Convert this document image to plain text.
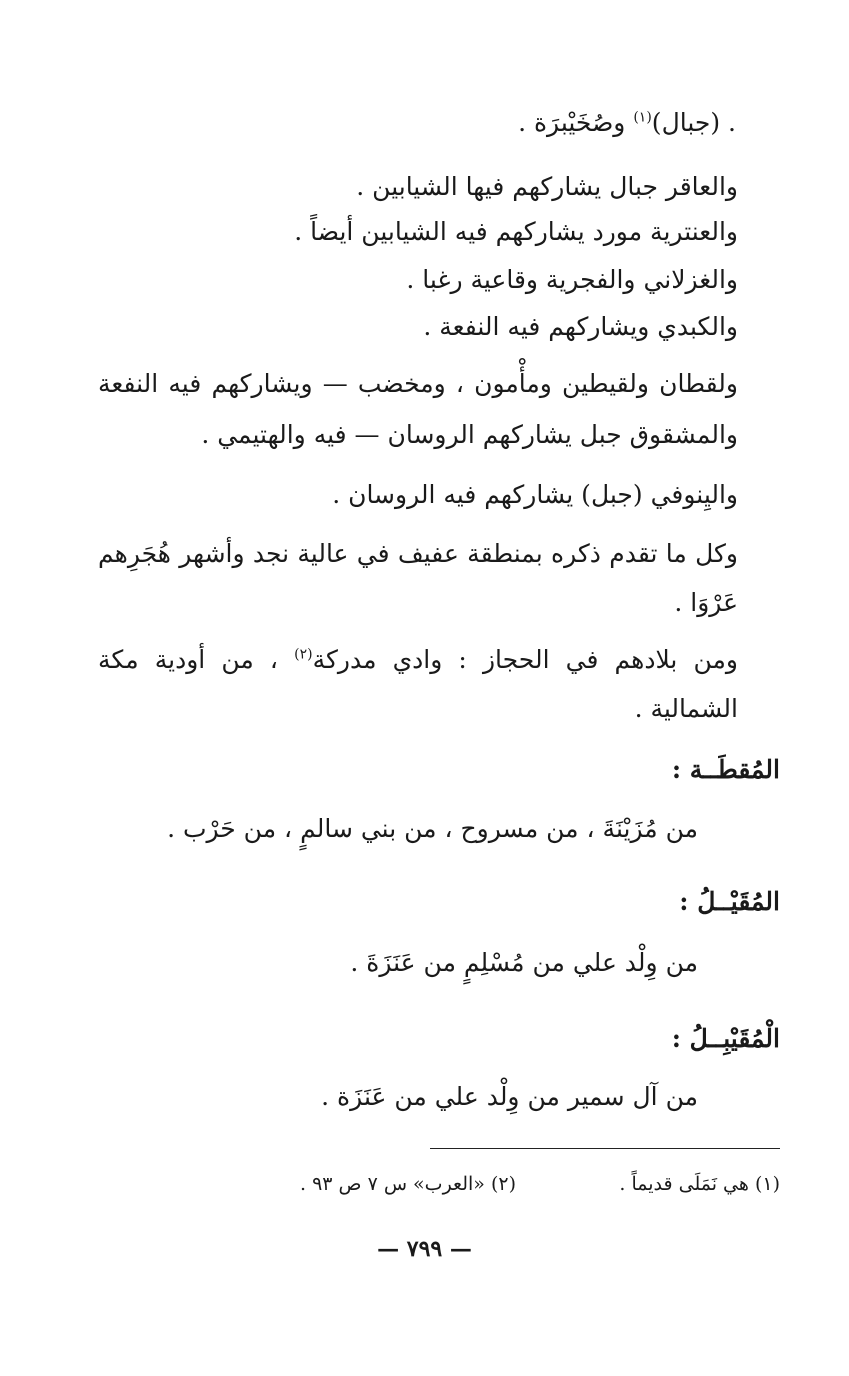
. (جبال)$^{(١)}$ وصُخَيْبرَة .

والعاقر جبال يشاركهم فيها الشيابين .

والعنترية مورد يشاركهم فيه الشيابين أيضاً .

والغزلاني والفجرية وقاعية رغبا .

والكبدي ويشاركهم فيه النفعة .

ولقطان ولقيطين ومأْمون ، ومخضب — ويشاركهم فيه النفعة

والمشقوق جبل يشاركهم الروسان — فيه والهتيمي .

واليِنوفي (جبل) يشاركهم فيه الروسان .

وكل ما تقدم ذكره بمنطقة عفيف في عالية نجد وأشهر هُجَرِهم

عَرْوَا .

ومن بلادهم في الحجاز : وادي مدركة$^{(٢)}$ ، من أودية مكة

الشمالية .

المُقطَــة :

من مُزَيْنَةَ ، من مسروح ، من بني سالمٍ ، من حَرْب .

المُقَيْــلُ :

من وِلْد علي من مُسْلِمٍ من عَنَزَةَ .

الْمُقَيْبِــلُ :

من آل سمير من وِلْد علي من عَنَزَة .

(١) هي نَمَلَى قديماً .
(٢) «العرب» س ٧ ص ٩٣ .
— ٧٩٩ —
